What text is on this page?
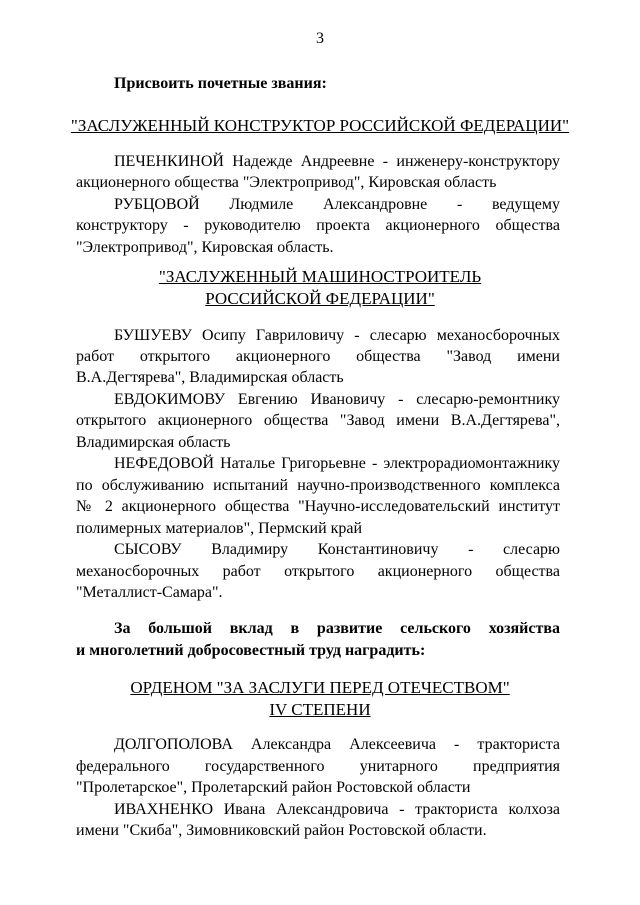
3
Присвоить почетные звания:
"ЗАСЛУЖЕННЫЙ КОНСТРУКТОР РОССИЙСКОЙ ФЕДЕРАЦИИ"
ПЕЧЕНКИНОЙ Надежде Андреевне - инженеру-конструктору
акционерного общества "Электропривод", Кировская область
РУБЦОВОЙ Людмиле Александровне - ведущему
конструктору - руководителю проекта акционерного общества
"Электропривод", Кировская область.
"ЗАСЛУЖЕННЫЙ МАШИНОСТРОИТЕЛЬ
РОССИЙСКОЙ ФЕДЕРАЦИИ"
БУШУЕВУ Осипу Гавриловичу - слесарю механосборочных
работ открытого акционерного общества "Завод имени
В.А.Дегтярева", Владимирская область
ЕВДОКИМОВУ Евгению Ивановичу - слесарю-ремонтнику
открытого акционерного общества "Завод имени В.А.Дегтярева",
Владимирская область
НЕФЕДОВОЙ Наталье Григорьевне - электрорадиомонтажнику
по обслуживанию испытаний научно-производственного комплекса
№ 2 акционерного общества "Научно-исследовательский институт
полимерных материалов", Пермский край
СЫСОВУ Владимиру Константиновичу - слесарю
механосборочных работ открытого акционерного общества
"Металлист-Самара".
За большой вклад в развитие сельского хозяйства
и многолетний добросовестный труд наградить:
ОРДЕНОМ "ЗА ЗАСЛУГИ ПЕРЕД ОТЕЧЕСТВОМ"
IV СТЕПЕНИ
ДОЛГОПОЛОВА Александра Алексеевича - тракториста
федерального государственного унитарного предприятия
"Пролетарское", Пролетарский район Ростовской области
ИВАХНЕНКО Ивана Александровича - тракториста колхоза
имени "Скиба", Зимовниковский район Ростовской области.
